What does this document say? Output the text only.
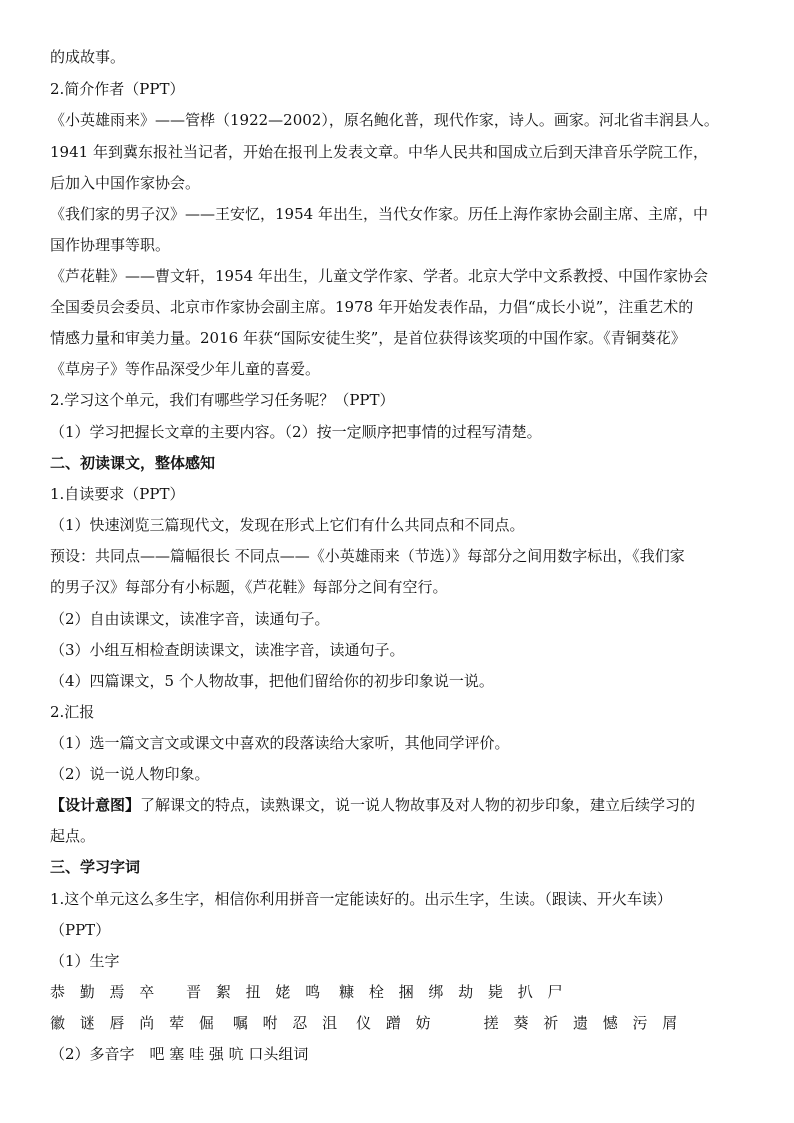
的成故事。
2.简介作者（PPT）
《小英雄雨来》——管桦（1922—2002），原名鲍化普，现代作家，诗人。画家。河北省丰润县人。
1941 年到冀东报社当记者，开始在报刊上发表文章。中华人民共和国成立后到天津音乐学院工作，
后加入中国作家协会。
《我们家的男子汉》——王安忆，1954 年出生，当代女作家。历任上海作家协会副主席、主席，中
国作协理事等职。
《芦花鞋》——曹文轩，1954 年出生，儿童文学作家、学者。北京大学中文系教授、中国作家协会
全国委员会委员、北京市作家协会副主席。1978 年开始发表作品，力倡“成长小说”，注重艺术的
情感力量和审美力量。2016 年获“国际安徒生奖”，是首位获得该奖项的中国作家。《青铜葵花》
《草房子》等作品深受少年儿童的喜爱。
2.学习这个单元，我们有哪些学习任务呢？（PPT）
（1）学习把握长文章的主要内容。（2）按一定顺序把事情的过程写清楚。
二、初读课文，整体感知
1.自读要求（PPT）
（1）快速浏览三篇现代文，发现在形式上它们有什么共同点和不同点。
预设：共同点——篇幅很长 不同点——《小英雄雨来（节选）》每部分之间用数字标出，《我们家
的男子汉》每部分有小标题，《芦花鞋》每部分之间有空行。
（2）自由读课文，读准字音，读通句子。
（3）小组互相检查朗读课文，读准字音，读通句子。
（4）四篇课文，5 个人物故事，把他们留给你的初步印象说一说。
2.汇报
（1）选一篇文言文或课文中喜欢的段落读给大家听，其他同学评价。
（2）说一说人物印象。
【设计意图】了解课文的特点，读熟课文，说一说人物故事及对人物的初步印象，建立后续学习的
起点。
三、学习字词
1.这个单元这么多生字，相信你利用拼音一定能读好的。出示生字，生读。（跟读、开火车读）
（PPT）
（1）生字
恭 勤 焉 卒　 晋 絮 扭 姥 鸣　糠 栓 捆 绑 劫 毙 扒 尸
徽 谜 唇 尚 荤 倔　嘱 咐 忍 沮　仪 蹭 妨　　　搓 葵 祈 遗 憾 污 屑
（2）多音字　吧 塞 哇 强 吭 口头组词
